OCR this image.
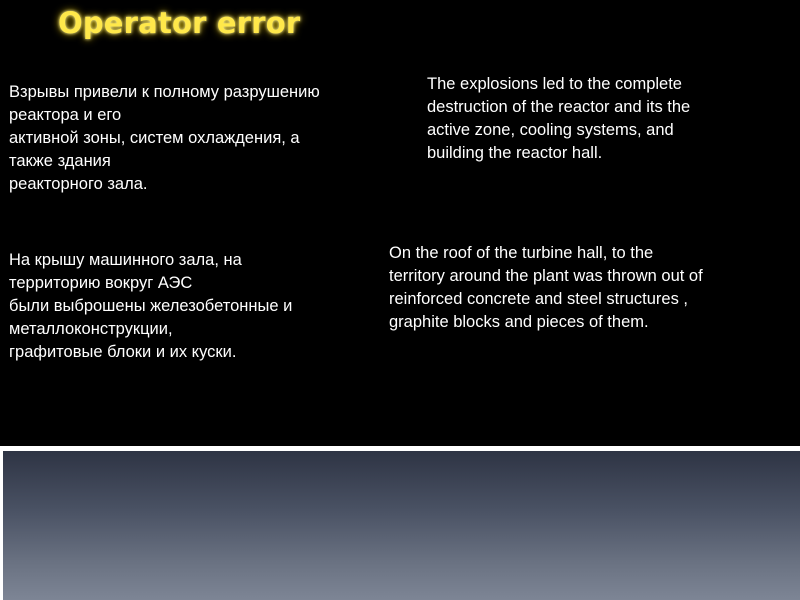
Operator error

Взрывы привели к полному разрушению
реактора и его
активной зоны, систем охлаждения, а
также здания
реакторного зала.

The explosions led to the complete
destruction of the reactor and its the
active zone, cooling systems, and
building the reactor hall.

На крышу машинного зала, на
территорию вокруг АЭС
были выброшены железобетонные и
металлоконструкции,
графитовые блоки и их куски.

On the roof of the turbine hall, to the
territory around the plant was thrown out of
reinforced concrete and steel structures ,
graphite blocks and pieces of them.
